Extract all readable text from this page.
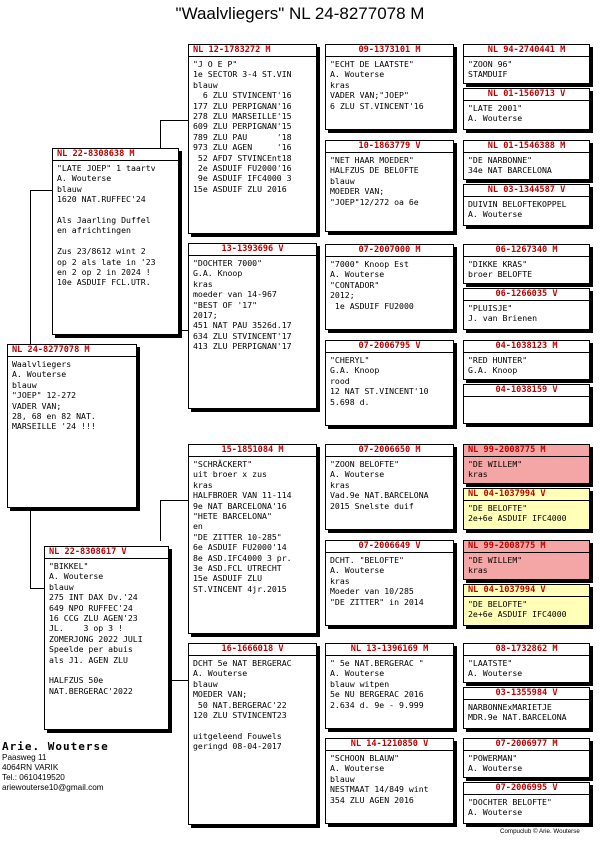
"Waalvliegers" NL 24-8277078 M
NL 24-8277078 M
Waalvliegers
A. Wouterse
blauw
"JOEP" 12-272
VADER VAN;
28, 68 en 82 NAT.
MARSEILLE '24 !!!
NL 22-8308638 M
"LATE JOEP" 1 taartv
A. Wouterse
blauw
1620 NAT.RUFFEC'24

Als Jaarling Duffel
en africhtingen

Zus 23/8612 wint 2
op 2 als late in '23
en 2 op 2 in 2024 !
10e ASDUIF FCL.UTR.
NL 22-8308617 V
"BIKKEL"
A. Wouterse
blauw
275 INT DAX Dv.'24
649 NPO RUFFEC'24
16 CCG ZLU AGEN'23
JL.    3 op 3 !
ZOMERJONG 2022 JULI
Speelde per abuis
als J1. AGEN ZLU

HALFZUS 50e
NAT.BERGERAC'2022
NL 12-1783272 M
"J O E P"
1e SECTOR 3-4 ST.VIN
blauw
6 ZLU STVINCENT'16
177 ZLU PERPIGNAN'16
278 ZLU MARSEILLE'15
609 ZLU PERPIGNAN'15
789 ZLU PAU      '18
973 ZLU AGEN     '16
52 AFD7 STVINCEnt18
2e ASDUIF FU2000'16
9e ASDUIF IFC4000 3
15e ASDUIF ZLU 2016
13-1393696 V
"DOCHTER 7000"
G.A. Knoop
kras
moeder van 14-967
"BEST OF '17"
2017;
451 NAT PAU 3526d.17
634 ZLU STVINCENT'17
413 ZLU PERPIGNAN'17
15-1851084 M
"SCHRÄCKERT"
uit broer x zus
kras
HALFBROER VAN 11-114
9e NAT BARCELONA'16
"HETE BARCELONA"
en
"DE ZITTER 10-285"
6e ASDUIF FU2000'14
8e ASD.IFC4000 3 pr.
3e ASD.FCL UTRECHT
15e ASDUIF ZLU
ST.VINCENT 4jr.2015
16-1666018 V
DCHT 5e NAT BERGERAC
A. Wouterse
blauw
MOEDER VAN;
50 NAT.BERGERAC'22
120 ZLU STVINCENT23

uitgeleend Fouwels
geringd 08-04-2017
09-1373101 M
"ECHT DE LAATSTE"
A. Wouterse
kras
VADER VAN;"JOEP"
6 ZLU ST.VINCENT'16
10-1863779 V
"NET HAAR MOEDER"
HALFZUS DE BELOFTE
blauw
MOEDER VAN;
"JOEP"12/272 oa 6e
07-2007000 M
"7000" Knoop Est
A. Wouterse
"CONTADOR"
2012;
1e ASDUIF FU2000
07-2006795 V
"CHERYL"
G.A. Knoop
rood
12 NAT ST.VINCENT'10
5.698 d.
07-2006650 M
"ZOON BELOFTE"
A. Wouterse
kras
Vad.9e NAT.BARCELONA
2015 Snelste duif
07-2006649 V
DCHT. "BELOFTE"
A. Wouterse
kras
Moeder van 10/285
"DE ZITTER" in 2014
NL 13-1396169 M
" 5e NAT.BERGERAC "
A. Wouterse
blauw witpen
5e NU BERGERAC 2016
2.634 d. 9e - 9.999
NL 14-1210850 V
"SCHOON BLAUW"
A. Wouterse
blauw
NESTMAAT 14/849 wint
354 ZLU AGEN 2016
NL 94-2740441 M
"ZOON 96"
STAMDUIF
NL 01-1560713 V
"LATE 2001"
A. Wouterse
NL 01-1546388 M
"DE NARBONNE"
34e NAT BARCELONA
NL 03-1344587 V
DUIVIN BELOFTEKOPPEL
A. Wouterse
06-1267340 M
"DIKKE KRAS"
broer BELOFTE
06-1266035 V
"PLUISJE"
J. van Brienen
04-1038123 M
"RED HUNTER"
G.A. Knoop
04-1038159 V
NL 99-2008775 M
"DE WILLEM"
kras
NL 04-1037994 V
"DE BELOFTE"
2e+6e ASDUIF IFC4000
NL 99-2008775 M
"DE WILLEM"
kras
NL 04-1037994 V
"DE BELOFTE"
2e+6e ASDUIF IFC4000
08-1732862 M
"LAATSTE"
A. Wouterse
03-1355984 V
NARBONNExMARIETJE
MDR.9e NAT.BARCELONA
07-2006977 M
"POWERMAN"
A. Wouterse
07-2006995 V
"DOCHTER BELOFTE"
A. Wouterse
Arie. Wouterse
Paasweg 11
4064RN VARIK
Tel.: 0610419520
ariewouterse10@gmail.com
Compuclub © Arie. Wouterse
